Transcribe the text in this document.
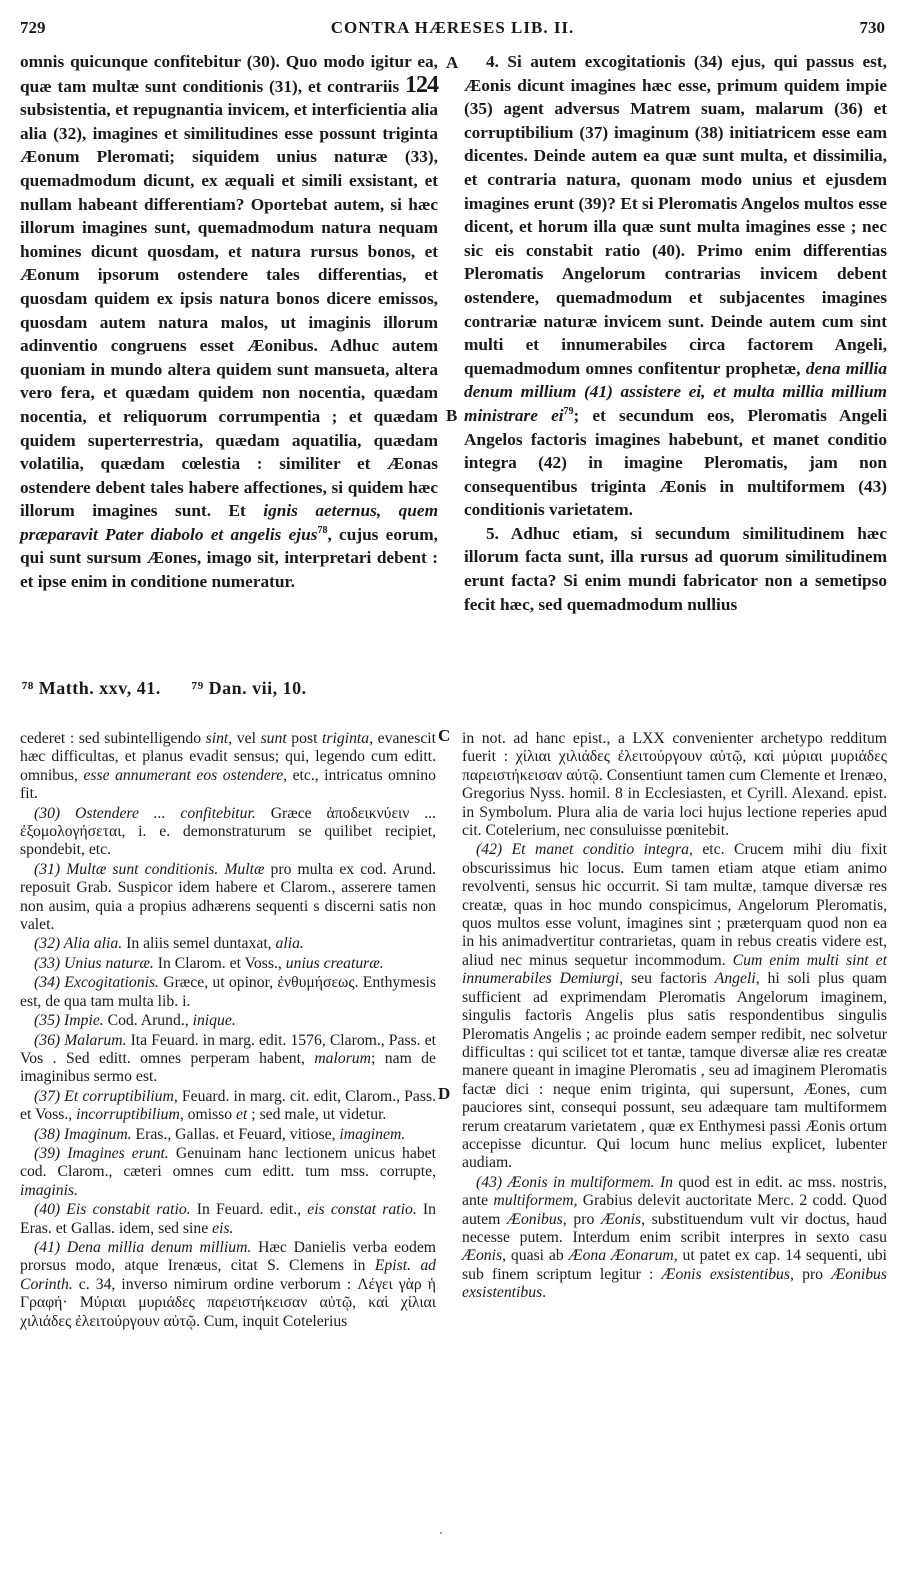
729	CONTRA HÆRESES LIB. II.	730
A
B
C
D

omnis quicunque confitebitur (30). Quo modo igitur ea, quæ tam multæ sunt conditionis (31), et contrariis 124 subsistentia, et repugnantia invicem, et interficientia alia alia (32), imagines et similitudines esse possunt triginta Æonum Pleromati; siquidem unius naturæ (33), quemadmodum dicunt, ex æquali et simili exsistant, et nullam habeant differentiam? Oportebat autem, si hæc illorum imagines sunt, quemadmodum natura nequam homines dicunt quosdam, et natura rursus bonos, et Æonum ipsorum ostendere tales differentias, et quosdam quidem ex ipsis natura bonos dicere emissos, quosdam autem natura malos, ut imaginis illorum adinventio congruens esset Æonibus. Adhuc autem quoniam in mundo altera quidem sunt mansueta, altera vero fera, et quædam quidem non nocentia, quædam nocentia, et reliquorum corrumpentia ; et quædam quidem superterrestria, quædam aquatilia, quædam volatilia, quædam cœlestia : similiter et Æonas ostendere debent tales habere affectiones, si quidem hæc illorum imagines sunt. Et ignis aeternus, quem præparavit Pater diabolo et angelis ejus$^{78}$, cujus eorum, qui sunt sursum Æones, imago sit, interpretari debent : et ipse enim in conditione numeratur.

4. Si autem excogitationis (34) ejus, qui passus est, Æonis dicunt imagines hæc esse, primum quidem impie (35) agent adversus Matrem suam, malarum (36) et corruptibilium (37) imaginum (38) initiatricem esse eam dicentes. Deinde autem ea quæ sunt multa, et dissimilia, et contraria natura, quonam modo unius et ejusdem imagines erunt (39)? Et si Pleromatis Angelos multos esse dicent, et horum illa quæ sunt multa imagines esse ; nec sic eis constabit ratio (40). Primo enim differentias Pleromatis Angelorum contrarias invicem debent ostendere, quemadmodum et subjacentes imagines contrariæ naturæ invicem sunt. Deinde autem cum sint multi et innumerabiles circa factorem Angeli, quemadmodum omnes confitentur prophetæ, dena millia denum millium (41) assistere ei, et multa millia millium ministrare $ei^{79}$; et secundum eos, Pleromatis Angeli Angelos factoris imagines habebunt, et manet conditio integra (42) in imagine Pleromatis, jam non consequentibus triginta Æonis in multiformem (43) conditionis varietatem.

5. Adhuc etiam, si secundum similitudinem hæc illorum facta sunt, illa rursus ad quorum similitudinem erunt facta? Si enim mundi fabricator non a semetipso fecit hæc, sed quemadmodum nullius

⁷⁸ Matth. xxv, 41. ⁷⁹ Dan. vii, 10.

cederet : sed subintelligendo sint, vel sunt post triginta, evanescit hæc difficultas, et planus evadit sensus; qui, legendo cum editt. omnibus, esse annumerant eos ostendere, etc., intricatus omnino fit.

(30) Ostendere ... confitebitur. Græce ἀποδεικνύειν ... ἐξομολογήσεται, i. e. demonstraturum se quilibet recipiet, spondebit, etc.

(31) Multæ sunt conditionis. Multæ pro multa ex cod. Arund. reposuit Grab. Suspicor idem habere et Clarom., asserere tamen non ausim, quia a propius adhærens sequenti s discerni satis non valet.

(32) Alia alia. In aliis semel duntaxat, alia.

(33) Unius naturæ. In Clarom. et Voss., unius creaturæ.

(34) Excogitationis. Græce, ut opinor, ἐνθυμήσεως. Enthymesis est, de qua tam multa lib. i.

(35) Impie. Cod. Arund., inique.

(36) Malarum. Ita Feuard. in marg. edit. 1576, Clarom., Pass. et Vos . Sed editt. omnes perperam habent, malorum; nam de imaginibus sermo est.

(37) Et corruptibilium, Feuard. in marg. cit. edit, Clarom., Pass. et Voss., incorruptibilium, omisso et ; sed male, ut videtur.

(38) Imaginum. Eras., Gallas. et Feuard, vitiose, imaginem.

(39) Imagines erunt. Genuinam hanc lectionem unicus habet cod. Clarom., cæteri omnes cum editt. tum mss. corrupte, imaginis.

(40) Eis constabit ratio. In Feuard. edit., eis constat ratio. In Eras. et Gallas. idem, sed sine eis.

(41) Dena millia denum millium. Hæc Danielis verba eodem prorsus modo, atque Irenæus, citat S. Clemens in Epist. ad Corinth. c. 34, inverso nimirum ordine verborum : Λέγει γὰρ ἡ Γραφή· Μύριαι μυριάδες παρειστήκεισαν αὐτῷ, καὶ χίλιαι χιλιάδες ἐλειτούργουν αὐτῷ. Cum, inquit Cotelerius

in not. ad hanc epist., a LXX convenienter archetypo redditum fuerit : χίλιαι χιλιάδες ἐλειτούργουν αὐτῷ, καὶ μύριαι μυριάδες παρειστήκεισαν αὐτῷ. Consentiunt tamen cum Clemente et Irenæo, Gregorius Nyss. homil. 8 in Ecclesiasten, et Cyrill. Alexand. epist. in Symbolum. Plura alia de varia loci hujus lectione reperies apud cit. Cotelerium, nec consuluisse pœnitebit.

(42) Et manet conditio integra, etc. Crucem mihi diu fixit obscurissimus hic locus. Eum tamen etiam atque etiam animo revolventi, sensus hic occurrit. Si tam multæ, tamque diversæ res creatæ, quas in hoc mundo conspicimus, Angelorum Pleromatis, quos multos esse volunt, imagines sint ; præterquam quod non ea in his animadvertitur contrarietas, quam in rebus creatis videre est, aliud nec minus sequetur incommodum. Cum enim multi sint et innumerabiles Demiurgi, seu factoris Angeli, hi soli plus quam sufficient ad exprimendam Pleromatis Angelorum imaginem, singulis factoris Angelis plus satis respondentibus singulis Pleromatis Angelis ; ac proinde eadem semper redibit, nec solvetur difficultas : qui scilicet tot et tantæ, tamque diversæ aliæ res creatæ manere queant in imagine Pleromatis , seu ad imaginem Pleromatis factæ dici : neque enim triginta, qui supersunt, Æones, cum pauciores sint, consequi possunt, seu adæquare tam multiformem rerum creatarum varietatem , quæ ex Enthymesi passi Æonis ortum accepisse dicuntur. Qui locum hunc melius explicet, lubenter audiam.

(43) Æonis in multiformem. In quod est in edit. ac mss. nostris, ante multiformem, Grabius delevit auctoritate Merc. 2 codd. Quod autem Æonibus, pro Æonis, substituendum vult vir doctus, haud necesse putem. Interdum enim scribit interpres in sexto casu Æonis, quasi ab Æona Æonarum, ut patet ex cap. 14 sequenti, ubi sub finem scriptum legitur : Æonis exsistentibus, pro Æonibus exsistentibus.
